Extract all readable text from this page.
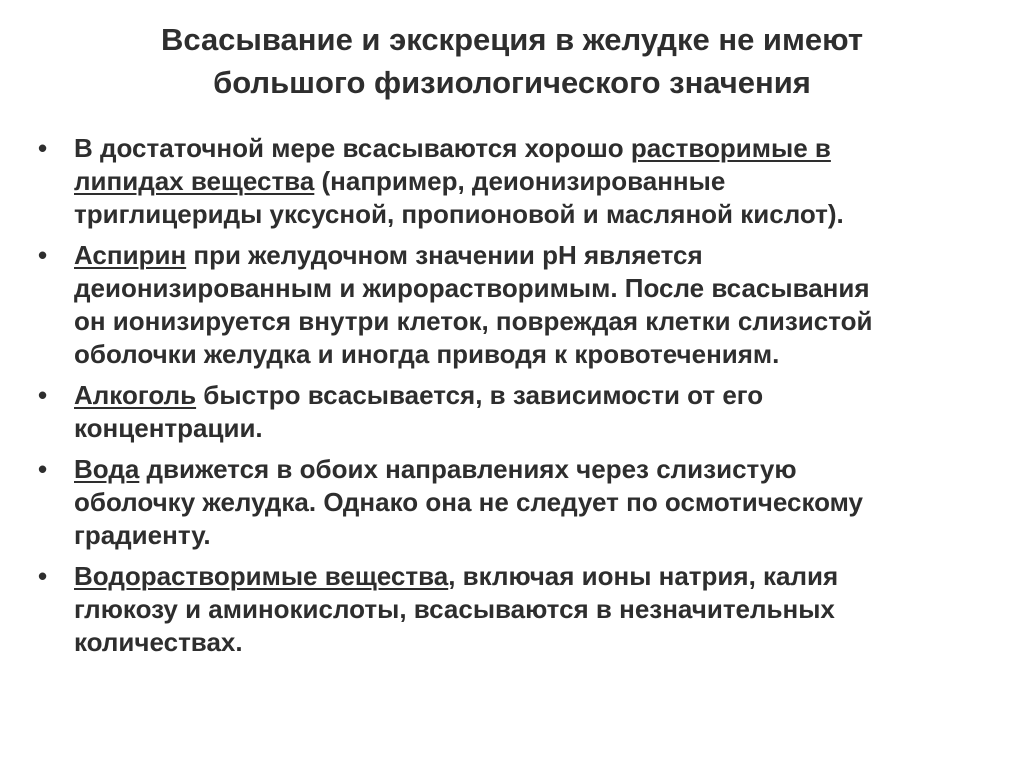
Всасывание и экскреция в желудке не имеют
большого физиологического значения
• В достаточной мере всасываются хорошо растворимые в
липидах вещества (например, деионизированные
триглицериды уксусной, пропионовой и масляной кислот).
• Аспирин при желудочном значении рН является
деионизированным и жирорастворимым. После всасывания
он ионизируется внутри клеток, повреждая клетки слизистой
оболочки желудка и иногда приводя к кровотечениям.
• Алкоголь быстро всасывается, в зависимости от его
концентрации.
• Вода движется в обоих направлениях через слизистую
оболочку желудка. Однако она не следует по осмотическому
градиенту.
• Водорастворимые вещества, включая ионы натрия, калия
глюкозу и аминокислоты, всасываются в незначительных
количествах.
